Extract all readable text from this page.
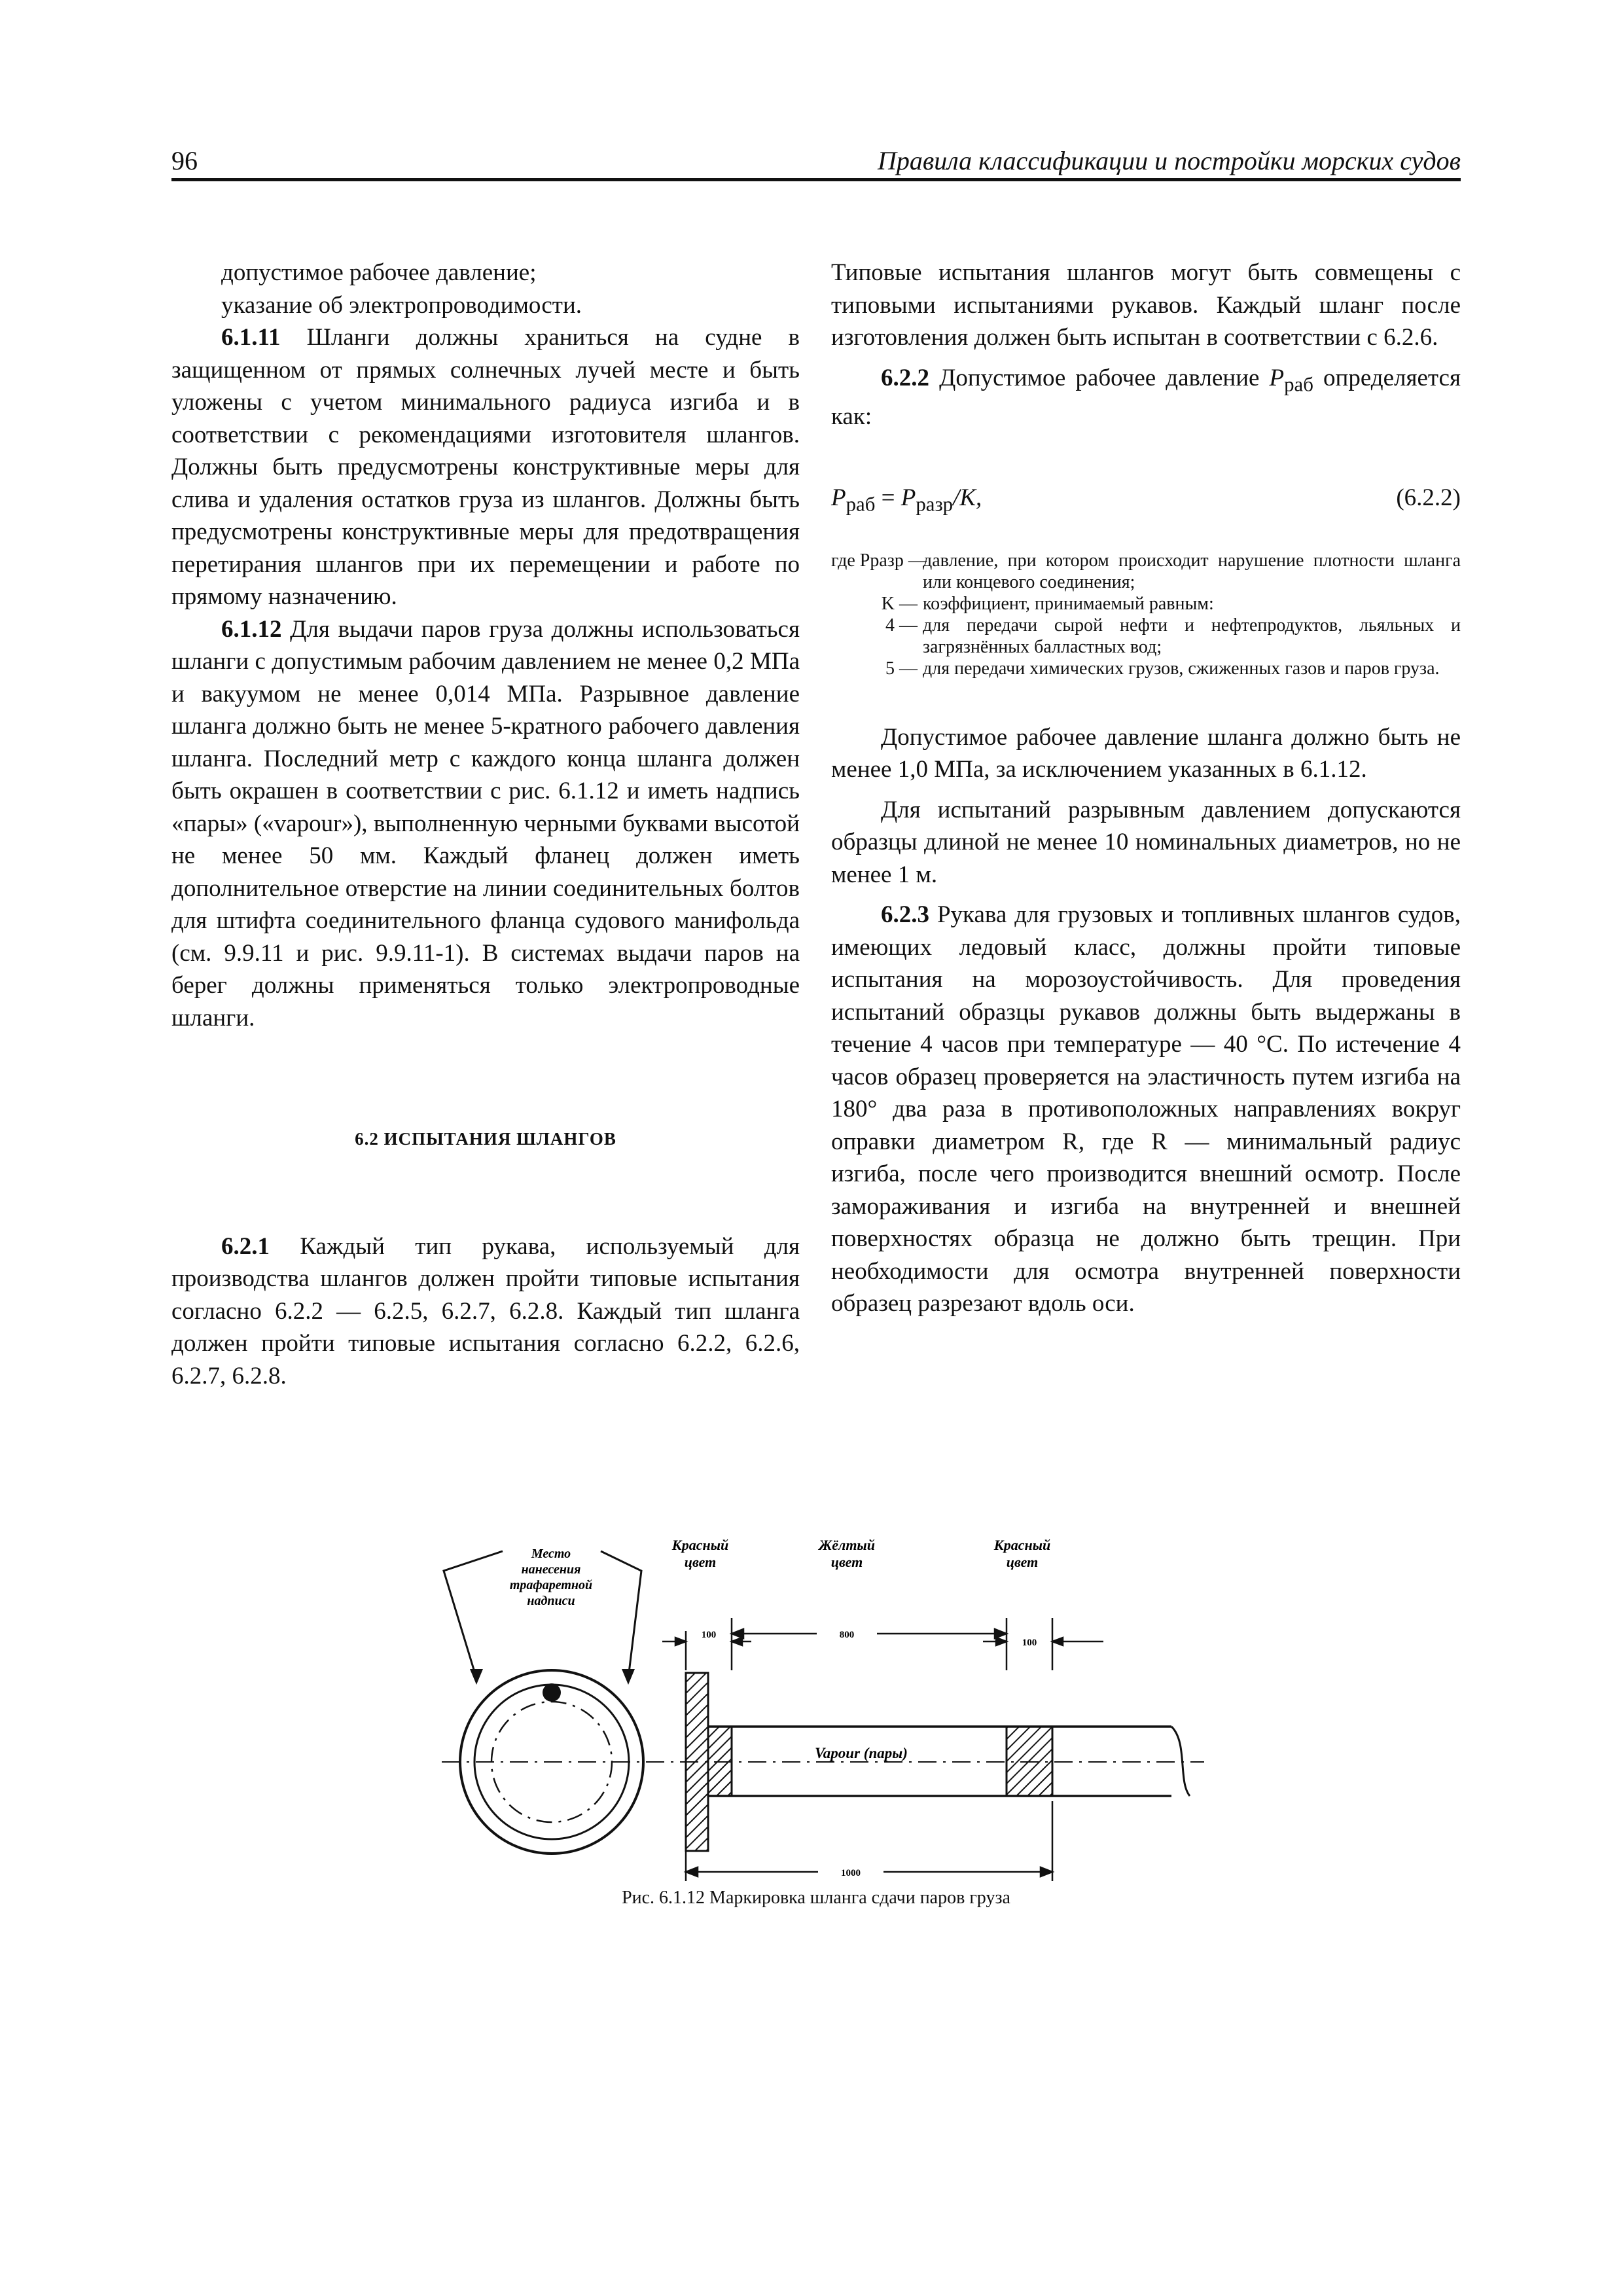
96	Правила классификации и постройки морских судов

допустимое рабочее давление;

указание об электропроводимости.

6.1.11 Шланги должны храниться на судне в защищенном от прямых солнечных лучей месте и быть уложены с учетом минимального радиуса изгиба и в соответствии с рекомендациями изготовителя шлангов. Должны быть предусмотрены конструктивные меры для слива и удаления остатков груза из шлангов. Должны быть предусмотрены конструктивные меры для предотвращения перетирания шлангов при их перемещении и работе по прямому назначению.

6.1.12 Для выдачи паров груза должны использоваться шланги с допустимым рабочим давлением не менее 0,2 МПа и вакуумом не менее 0,014 МПа. Разрывное давление шланга должно быть не менее 5-кратного рабочего давления шланга. Последний метр с каждого конца шланга должен быть окрашен в соответствии с рис. 6.1.12 и иметь надпись «пары» («vapour»), выполненную черными буквами высотой не менее 50 мм. Каждый фланец должен иметь дополнительное отверстие на линии соединительных болтов для штифта соединительного фланца судового манифольда (см. 9.9.11 и рис. 9.9.11-1). В системах выдачи паров на берег должны применяться только электропроводные шланги.

6.2 ИСПЫТАНИЯ ШЛАНГОВ

6.2.1 Каждый тип рукава, используемый для производства шлангов должен пройти типовые испытания согласно 6.2.2 — 6.2.5, 6.2.7, 6.2.8. Каждый тип шланга должен пройти типовые испытания согласно 6.2.2, 6.2.6, 6.2.7, 6.2.8.

Типовые испытания шлангов могут быть совмещены с типовыми испытаниями рукавов. Каждый шланг после изготовления должен быть испытан в соответствии с 6.2.6.

6.2.2 Допустимое рабочее давление $P_{раб}$ определяется как:

$P_{раб} = P_{разр}/K$,	(6.2.2)

где Pразр —
давление, при котором происходит нарушение плотности шланга или концевого соединения;
K — коэффициент, принимаемый равным:
4 — для передачи сырой нефти и нефтепродуктов, льяльных и загрязнённых балластных вод;
5 — для передачи химических грузов, сжиженных газов и паров груза.

Допустимое рабочее давление шланга должно быть не менее 1,0 МПа, за исключением указанных в 6.1.12.

Для испытаний разрывным давлением допускаются образцы длиной не менее 10 номинальных диаметров, но не менее 1 м.

6.2.3 Рукава для грузовых и топливных шлангов судов, имеющих ледовый класс, должны пройти типовые испытания на морозоустойчивость. Для проведения испытаний образцы рукавов должны быть выдержаны в течение 4 часов при температуре — 40 °С. По истечение 4 часов образец проверяется на эластичность путем изгиба на 180° два раза в противоположных направлениях вокруг оправки диаметром R, где R — минимальный радиус изгиба, после чего производится внешний осмотр. После замораживания и изгиба на внутренней и внешней поверхностях образца не должно быть трещин. При необходимости для осмотра внутренней поверхности образец разрезают вдоль оси.

Место
нанесения
трафаретной
надписи
Красный
цвет
Жёлтый
цвет
Красный
цвет
100	800
100
Vapour (пары)
1000
Рис. 6.1.12 Маркировка шланга сдачи паров груза
